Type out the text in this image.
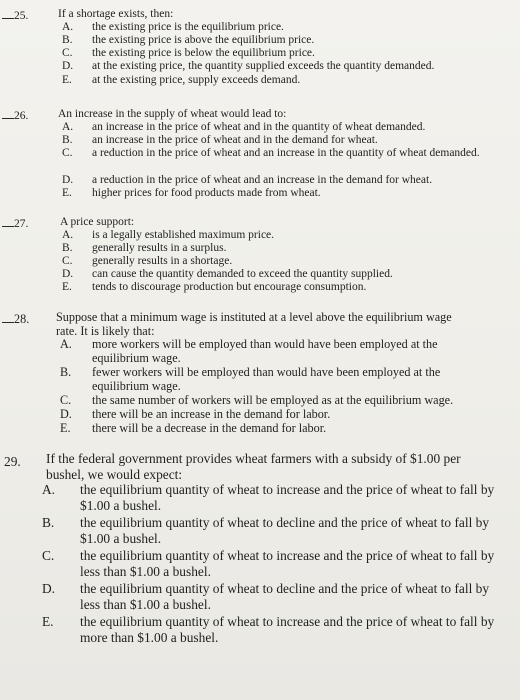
25.	If a shortage exists, then:
A. the existing price is the equilibrium price.
B. the existing price is above the equilibrium price.
C. the existing price is below the equilibrium price.
D. at the existing price, the quantity supplied exceeds the quantity demanded.
E. at the existing price, supply exceeds demand.
26.	An increase in the supply of wheat would lead to:
A. an increase in the price of wheat and in the quantity of wheat demanded.
B. an increase in the price of wheat and in the demand for wheat.
C. a reduction in the price of wheat and an increase in the quantity of wheat demanded.
D. a reduction in the price of wheat and an increase in the demand for wheat.
E. higher prices for food products made from wheat.
27.	A price support:
A. is a legally established maximum price.
B. generally results in a surplus.
C. generally results in a shortage.
D. can cause the quantity demanded to exceed the quantity supplied.
E. tends to discourage production but encourage consumption.
28. Suppose that a minimum wage is instituted at a level above the equilibrium wage rate. It is likely that:
A. more workers will be employed than would have been employed at the equilibrium wage.
B. fewer workers will be employed than would have been employed at the equilibrium wage.
C. the same number of workers will be employed as at the equilibrium wage.
D. there will be an increase in the demand for labor.
E. there will be a decrease in the demand for labor.
29. If the federal government provides wheat farmers with a subsidy of $1.00 per bushel, we would expect:
A. the equilibrium quantity of wheat to increase and the price of wheat to fall by $1.00 a bushel.
B. the equilibrium quantity of wheat to decline and the price of wheat to fall by $1.00 a bushel.
C. the equilibrium quantity of wheat to increase and the price of wheat to fall by less than $1.00 a bushel.
D. the equilibrium quantity of wheat to decline and the price of wheat to fall by less than $1.00 a bushel.
E. the equilibrium quantity of wheat to increase and the price of wheat to fall by more than $1.00 a bushel.
